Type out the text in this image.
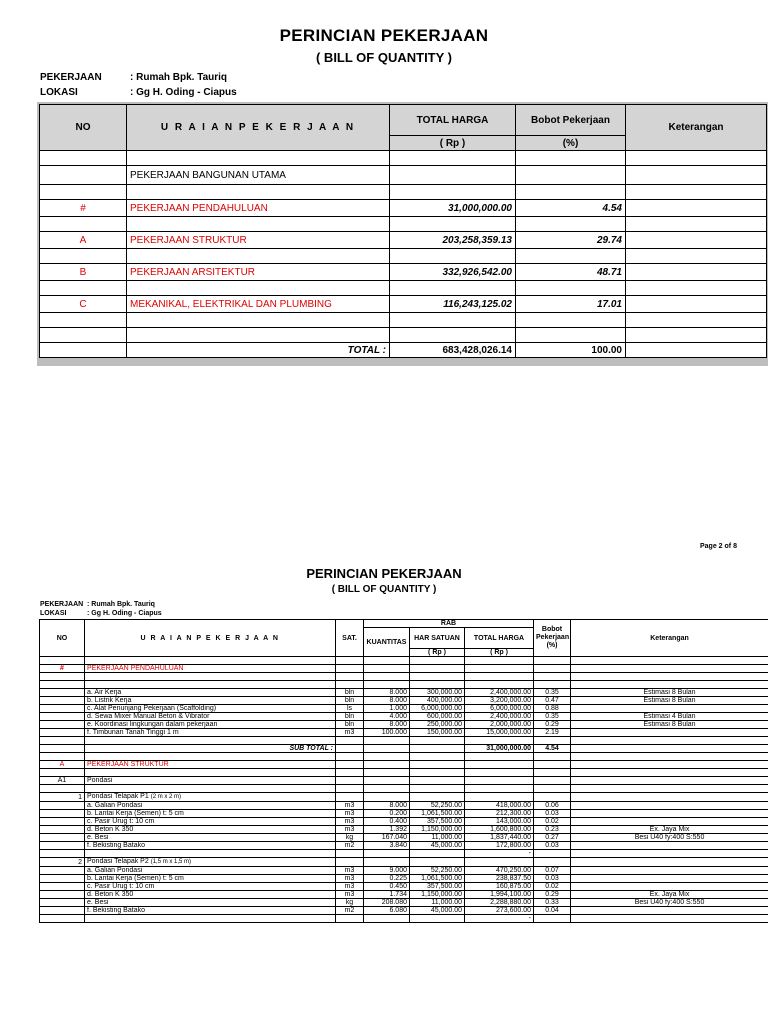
PERINCIAN PEKERJAAN
( BILL OF QUANTITY )
PEKERJAAN	: Rumah Bpk. Tauriq
LOKASI	: Gg H. Oding - Ciapus
NO	U R A I A N P E K E R J A A N	TOTAL HARGA	Bobot Pekerjaan	Keterangan
		( Rp )	(%)	

	PEKERJAAN BANGUNAN UTAMA			

#	PEKERJAAN PENDAHULUAN	31,000,000.00	4.54	

A	PEKERJAAN STRUKTUR	203,258,359.13	29.74	

B	PEKERJAAN ARSITEKTUR	332,926,542.00	48.71	

C	MEKANIKAL, ELEKTRIKAL DAN PLUMBING	116,243,125.02	17.01	

	TOTAL :	683,428,026.14	100.00	
Page 2 of 8
PERINCIAN PEKERJAAN
( BILL OF QUANTITY )
PEKERJAAN : Rumah Bpk. Tauriq
LOKASI	: Gg H. Oding - Ciapus
NO	U R A I A N P E K E R J A A N	SAT.	RAB			Bobot Pekerjaan (%)	Keterangan
			KUANTITAS	HAR SATUAN	TOTAL HARGA		
				( Rp )	( Rp )		

#	PEKERJAAN PENDAHULUAN						

	a. Air Kerja	bln	8.000	300,000.00	2,400,000.00	0.35	Estimasi 8 Bulan
	b. Listrik Kerja	bln	8.000	400,000.00	3,200,000.00	0.47	Estimasi 8 Bulan
	c. Alat Penunjang Pekerjaan (Scaffolding)	ls	1.000	6,000,000.00	6,000,000.00	0.88	
	d. Sewa Mixer Manual Beton & Vibrator	bln	4.000	600,000.00	2,400,000.00	0.35	Estimasi 4 Bulan
	e. Koordinasi lingkungan dalam pekerjaan	bln	8.000	250,000.00	2,000,000.00	0.29	Estimasi 8 Bulan
	f. Timbunan Tanah Tinggi 1 m	m3	100.000	150,000.00	15,000,000.00	2.19	

	SUB TOTAL :				31,000,000.00	4.54	

A	PEKERJAAN STRUKTUR						

A1	Pondasi						

1	Pondasi Telapak P1 (2 m x 2 m)						
	a. Galian Pondasi	m3	8.000	52,250.00	418,000.00	0.06	
	b. Lantai Kerja (Semen) t: 5 cm	m3	0.200	1,061,500.00	212,300.00	0.03	
	c. Pasir Urug t: 10 cm	m3	0.400	357,500.00	143,000.00	0.02	
	d. Beton K 350	m3	1.392	1,150,000.00	1,600,800.00	0.23	Ex. Jaya Mix
	e. Besi	kg	167.040	11,000.00	1,837,440.00	0.27	Besi U40 fy:400 S:550
	f. Bekisting Batako	m2	3.840	45,000.00	172,800.00	0.03	
					-		
2	Pondasi Telapak P2 (1,5 m x 1,5 m)						
	a. Galian Pondasi	m3	9.000	52,250.00	470,250.00	0.07	
	b. Lantai Kerja (Semen) t: 5 cm	m3	0.225	1,061,500.00	238,837.50	0.03	
	c. Pasir Urug t: 10 cm	m3	0.450	357,500.00	160,875.00	0.02	
	d. Beton K 350	m3	1.734	1,150,000.00	1,994,100.00	0.29	Ex. Jaya Mix
	e. Besi	kg	208.080	11,000.00	2,288,880.00	0.33	Besi U40 fy:400 S:550
	f. Bekisting Batako	m2	6.080	45,000.00	273,600.00	0.04	
					-		
